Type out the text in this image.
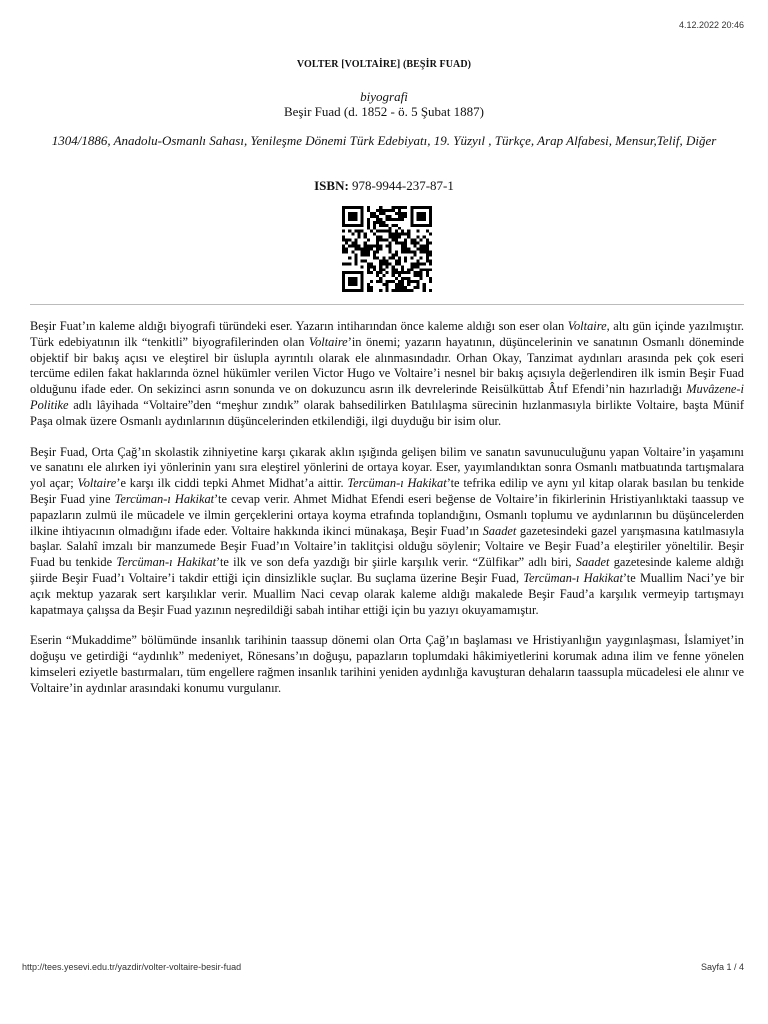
4.12.2022 20:46
VOLTER [VOLTAİRE] (BEŞİR FUAD)
biyografi
Beşir Fuad (d. 1852 - ö. 5 Şubat 1887)
1304/1886, Anadolu-Osmanlı Sahası, Yenileşme Dönemi Türk Edebiyatı, 19. Yüzyıl , Türkçe, Arap Alfabesi, Mensur,Telif, Diğer
ISBN: 978-9944-237-87-1

Beşir Fuat’ın kaleme aldığı biyografi türündeki eser. Yazarın intiharından önce kaleme aldığı son eser olan Voltaire, altı gün içinde yazılmıştır. Türk edebiyatının ilk “tenkitli” biyografilerinden olan Voltaire’in önemi; yazarın hayatının, düşüncelerinin ve sanatının Osmanlı döneminde objektif bir bakış açısı ve eleştirel bir üslupla ayrıntılı olarak ele alınmasındadır. Orhan Okay, Tanzimat aydınları arasında pek çok eseri tercüme edilen fakat haklarında öznel hükümler verilen Victor Hugo ve Voltaire’i nesnel bir bakış açısıyla değerlendiren ilk ismin Beşir Fuad olduğunu ifade eder. On sekizinci asrın sonunda ve on dokuzuncu asrın ilk devrelerinde Reisülküttab Âtıf Efendi’nin hazırladığı Muvâzene-i Politike adlı lâyihada “Voltaire”den “meşhur zındık” olarak bahsedilirken Batılılaşma sürecinin hızlanmasıyla birlikte Voltaire, başta Münif Paşa olmak üzere Osmanlı aydınlarının düşüncelerinden etkilendiği, ilgi duyduğu bir isim olur.

Beşir Fuad, Orta Çağ’ın skolastik zihniyetine karşı çıkarak aklın ışığında gelişen bilim ve sanatın savunuculuğunu yapan Voltaire’in yaşamını ve sanatını ele alırken iyi yönlerinin yanı sıra eleştirel yönlerini de ortaya koyar. Eser, yayımlandıktan sonra Osmanlı matbuatında tartışmalara yol açar; Voltaire’e karşı ilk ciddi tepki Ahmet Midhat’a aittir. Tercüman-ı Hakikat’te tefrika edilip ve aynı yıl kitap olarak basılan bu tenkide Beşir Fuad yine Tercüman-ı Hakikat’te cevap verir. Ahmet Midhat Efendi eseri beğense de Voltaire’in fikirlerinin Hristiyanlıktaki taassup ve papazların zulmü ile mücadele ve ilmin gerçeklerini ortaya koyma etrafında toplandığını, Osmanlı toplumu ve aydınlarının bu düşüncelerden ilkine ihtiyacının olmadığını ifade eder. Voltaire hakkında ikinci münakaşa, Beşir Fuad’ın Saadet gazetesindeki gazel yarışmasına katılmasıyla başlar. Salahî imzalı bir manzumede Beşir Fuad’ın Voltaire’in taklitçisi olduğu söylenir; Voltaire ve Beşir Fuad’a eleştiriler yöneltilir. Beşir Fuad bu tenkide Tercüman-ı Hakikat’te ilk ve son defa yazdığı bir şiirle karşılık verir. “Zülfikar” adlı biri, Saadet gazetesinde kaleme aldığı şiirde Beşir Fuad’ı Voltaire’i takdir ettiği için dinsizlikle suçlar. Bu suçlama üzerine Beşir Fuad, Tercüman-ı Hakikat’te Muallim Naci’ye bir açık mektup yazarak sert karşılıklar verir. Muallim Naci cevap olarak kaleme aldığı makalede Beşir Faud’a karşılık vermeyip tartışmayı kapatmaya çalışsa da Beşir Fuad yazının neşredildiği sabah intihar ettiği için bu yazıyı okuyamamıştır.

Eserin “Mukaddime” bölümünde insanlık tarihinin taassup dönemi olan Orta Çağ’ın başlaması ve Hristiyanlığın yaygınlaşması, İslamiyet’in doğuşu ve getirdiği “aydınlık” medeniyet, Rönesans’ın doğuşu, papazların toplumdaki hâkimiyetlerini korumak adına ilim ve fenne yönelen kimseleri eziyetle bastırmaları, tüm engellere rağmen insanlık tarihini yeniden aydınlığa kavuşturan dehaların taassupla mücadelesi ele alınır ve Voltaire’in aydınlar arasındaki konumu vurgulanır.

http://tees.yesevi.edu.tr/yazdir/volter-voltaire-besir-fuad	Sayfa 1 / 4
